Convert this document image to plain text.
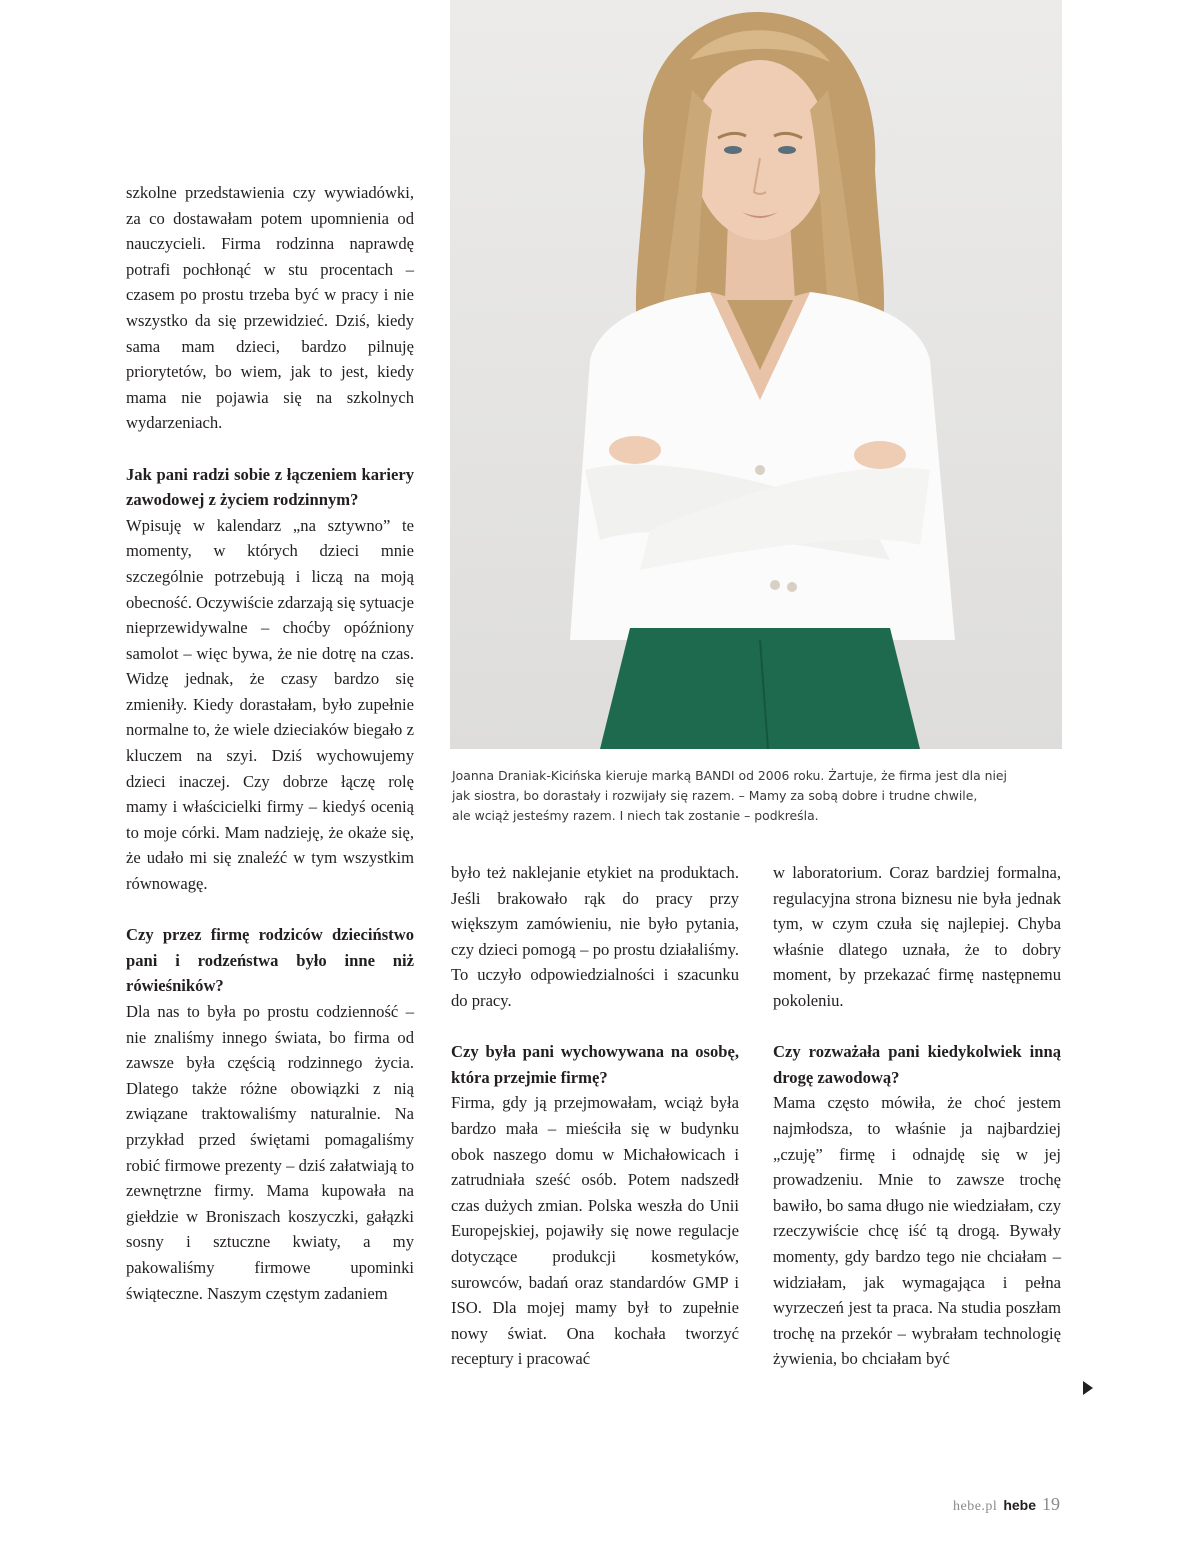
szkolne przedstawienia czy wywiadówki, za co dostawałam potem upomnienia od nauczycieli. Firma rodzinna naprawdę potrafi pochłonąć w stu procentach – czasem po prostu trzeba być w pracy i nie wszystko da się przewidzieć. Dziś, kiedy sama mam dzieci, bardzo pilnuję priorytetów, bo wiem, jak to jest, kiedy mama nie pojawia się na szkolnych wydarzeniach.

Jak pani radzi sobie z łączeniem kariery zawodowej z życiem rodzinnym?

Wpisuję w kalendarz „na sztywno” te momenty, w których dzieci mnie szczególnie potrzebują i liczą na moją obecność. Oczywiście zdarzają się sytuacje nieprzewidywalne – choćby opóźniony samolot – więc bywa, że nie dotrę na czas. Widzę jednak, że czasy bardzo się zmieniły. Kiedy dorastałam, było zupełnie normalne to, że wiele dzieciaków biegało z kluczem na szyi. Dziś wychowujemy dzieci inaczej. Czy dobrze łączę rolę mamy i właścicielki firmy – kiedyś ocenią to moje córki. Mam nadzieję, że okaże się, że udało mi się znaleźć w tym wszystkim równowagę.

Czy przez firmę rodziców dzieciństwo pani i rodzeństwa było inne niż rówieśników?

Dla nas to była po prostu codzienność – nie znaliśmy innego świata, bo firma od zawsze była częścią rodzinnego życia. Dlatego także różne obowiązki z nią związane traktowaliśmy naturalnie. Na przykład przed świętami pomagaliśmy robić firmowe prezenty – dziś załatwiają to zewnętrzne firmy. Mama kupowała na giełdzie w Broniszach koszyczki, gałązki sosny i sztuczne kwiaty, a my pakowaliśmy firmowe upominki świąteczne. Naszym częstym zadaniem

Joanna Draniak-Kicińska kieruje marką BANDI od 2006 roku. Żartuje, że firma jest dla niej

jak siostra, bo dorastały i rozwijały się razem. – Mamy za sobą dobre i trudne chwile,

ale wciąż jesteśmy razem. I niech tak zostanie – podkreśla.

było też naklejanie etykiet na produktach. Jeśli brakowało rąk do pracy przy większym zamówieniu, nie było pytania, czy dzieci pomogą – po prostu działaliśmy. To uczyło odpowiedzialności i szacunku do pracy.

Czy była pani wychowywana na osobę, która przejmie firmę?

Firma, gdy ją przejmowałam, wciąż była bardzo mała – mieściła się w budynku obok naszego domu w Michałowicach i zatrudniała sześć osób. Potem nadszedł czas dużych zmian. Polska weszła do Unii Europejskiej, pojawiły się nowe regulacje dotyczące produkcji kosmetyków, surowców, badań oraz standardów GMP i ISO. Dla mojej mamy był to zupełnie nowy świat. Ona kochała tworzyć receptury i pracować

w laboratorium. Coraz bardziej formalna, regulacyjna strona biznesu nie była jednak tym, w czym czuła się najlepiej. Chyba właśnie dlatego uznała, że to dobry moment, by przekazać firmę następnemu pokoleniu.

Czy rozważała pani kiedykolwiek inną drogę zawodową?

Mama często mówiła, że choć jestem najmłodsza, to właśnie ja najbardziej „czuję” firmę i odnajdę się w jej prowadzeniu. Mnie to zawsze trochę bawiło, bo sama długo nie wiedziałam, czy rzeczywiście chcę iść tą drogą. Bywały momenty, gdy bardzo tego nie chciałam – widziałam, jak wymagająca i pełna wyrzeczeń jest ta praca. Na studia poszłam trochę na przekór – wybrałam technologię żywienia, bo chciałam być

hebe.pl hebe 19
